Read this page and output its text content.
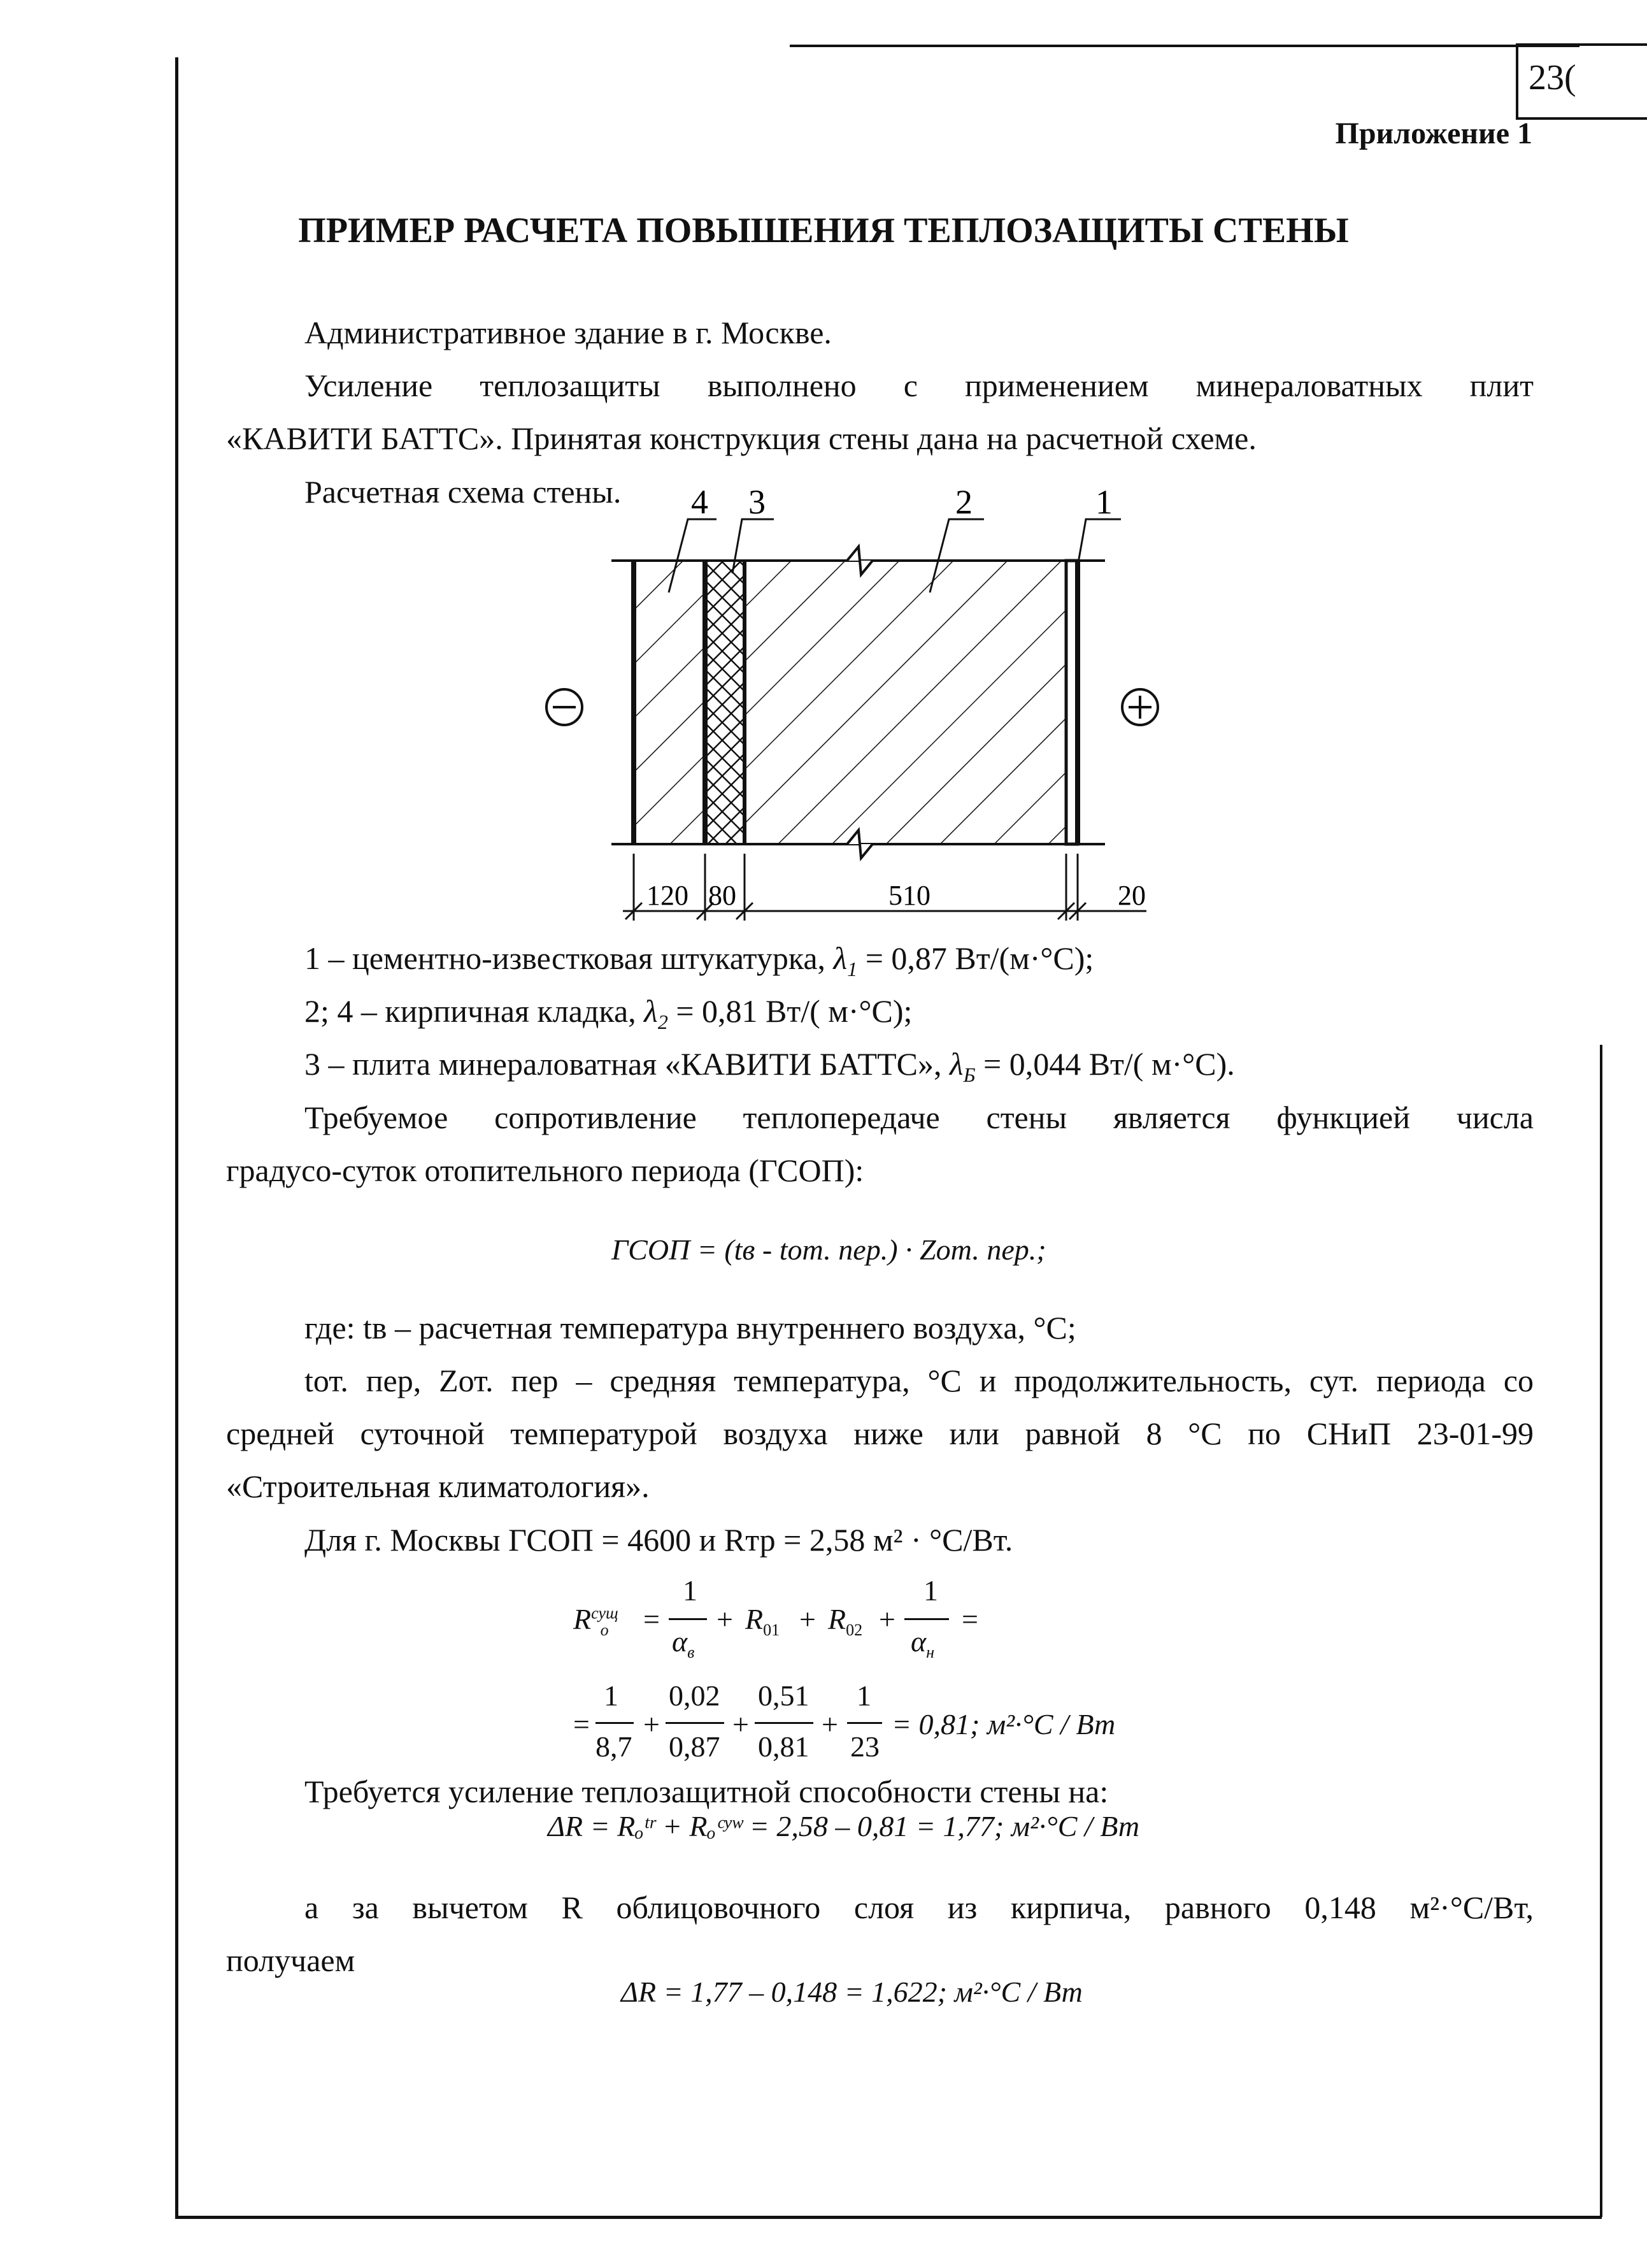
23(
Приложение 1
ПРИМЕР РАСЧЕТА ПОВЫШЕНИЯ ТЕПЛОЗАЩИТЫ СТЕНЫ
Административное здание в г. Москве.
Усиление теплозащиты выполнено с применением минераловатных плит
«КАВИТИ БАТТС». Принятая конструкция стены дана на расчетной схеме.
Расчетная схема стены. 4 3	2	1
120 80	510	20
1 – цементно-известковая штукатурка, $\lambda_1 = 0,87$ Вт/(м·°С);
2; 4 – кирпичная кладка, $\lambda_2 = 0,81$ Вт/( м·°С);
3 – плита минераловатная «КАВИТИ БАТТС», $\lambda_Б = 0,044$ Вт/( м·°С).
Требуемое сопротивление теплопередаче стены является функцией числа
градусо-суток отопительного периода (ГСОП):
ГСОП = (tв - tот. пер.) · Zот. пер.;
где: tв – расчетная температура внутреннего воздуха, °С;
tот. пер, Zот. пер – средняя температура, °С и продолжительность, сут. периода со
средней суточной температурой воздуха ниже или равной 8 °С по СНиП 23-01-99
«Строительная климатология».
Для г. Москвы ГСОП = 4600 и Rтр = 2,58 м² · °С/Вт.
$R^{сущ}_о$ =
1
$\alpha_в$
+ $R_{01} + R_{02}$ +
1
$\alpha_н$
=
=
1
8,7
+
0,02
0,87
+
0,51
0,81
+
1
23
= 0,81; м²·°С / Вт
Требуется усиление теплозащитной способности стены на:
ΔR = Rₒᵗʳ + Rₒᶜʸʷ = 2,58 – 0,81 = 1,77; м²·°С / Вт
а за вычетом R облицовочного слоя из кирпича, равного 0,148 м²·°С/Вт,
получаем
ΔR = 1,77 – 0,148 = 1,622; м²·°С / Вт
